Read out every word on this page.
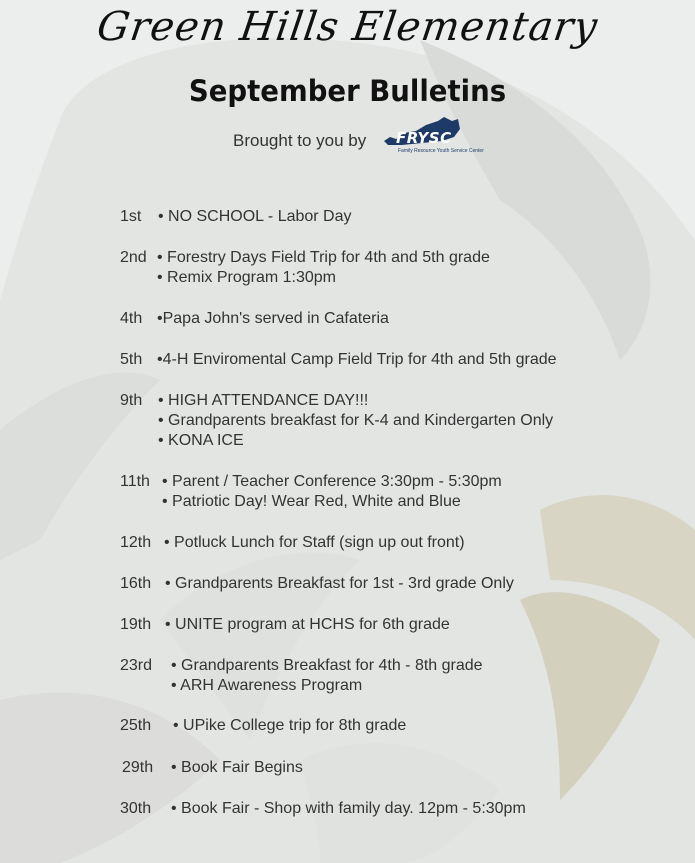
Green Hills Elementary
September Bulletins
Brought to you by FRYSC
Family Resource Youth Service Center
1st • NO SCHOOL - Labor Day
2nd • Forestry Days Field Trip for 4th and 5th grade
• Remix Program 1:30pm
4th •Papa John's served in Cafateria
5th •4-H Enviromental Camp Field Trip for 4th and 5th grade
9th • HIGH ATTENDANCE DAY!!!
• Grandparents breakfast for K-4 and Kindergarten Only
• KONA ICE
11th • Parent / Teacher Conference 3:30pm - 5:30pm
• Patriotic Day! Wear Red, White and Blue
12th • Potluck Lunch for Staff (sign up out front)
16th • Grandparents Breakfast for 1st - 3rd grade Only
19th • UNITE program at HCHS for 6th grade
23rd • Grandparents Breakfast for 4th - 8th grade
• ARH Awareness Program
25th • UPike College trip for 8th grade
29th • Book Fair Begins
30th • Book Fair - Shop with family day. 12pm - 5:30pm
